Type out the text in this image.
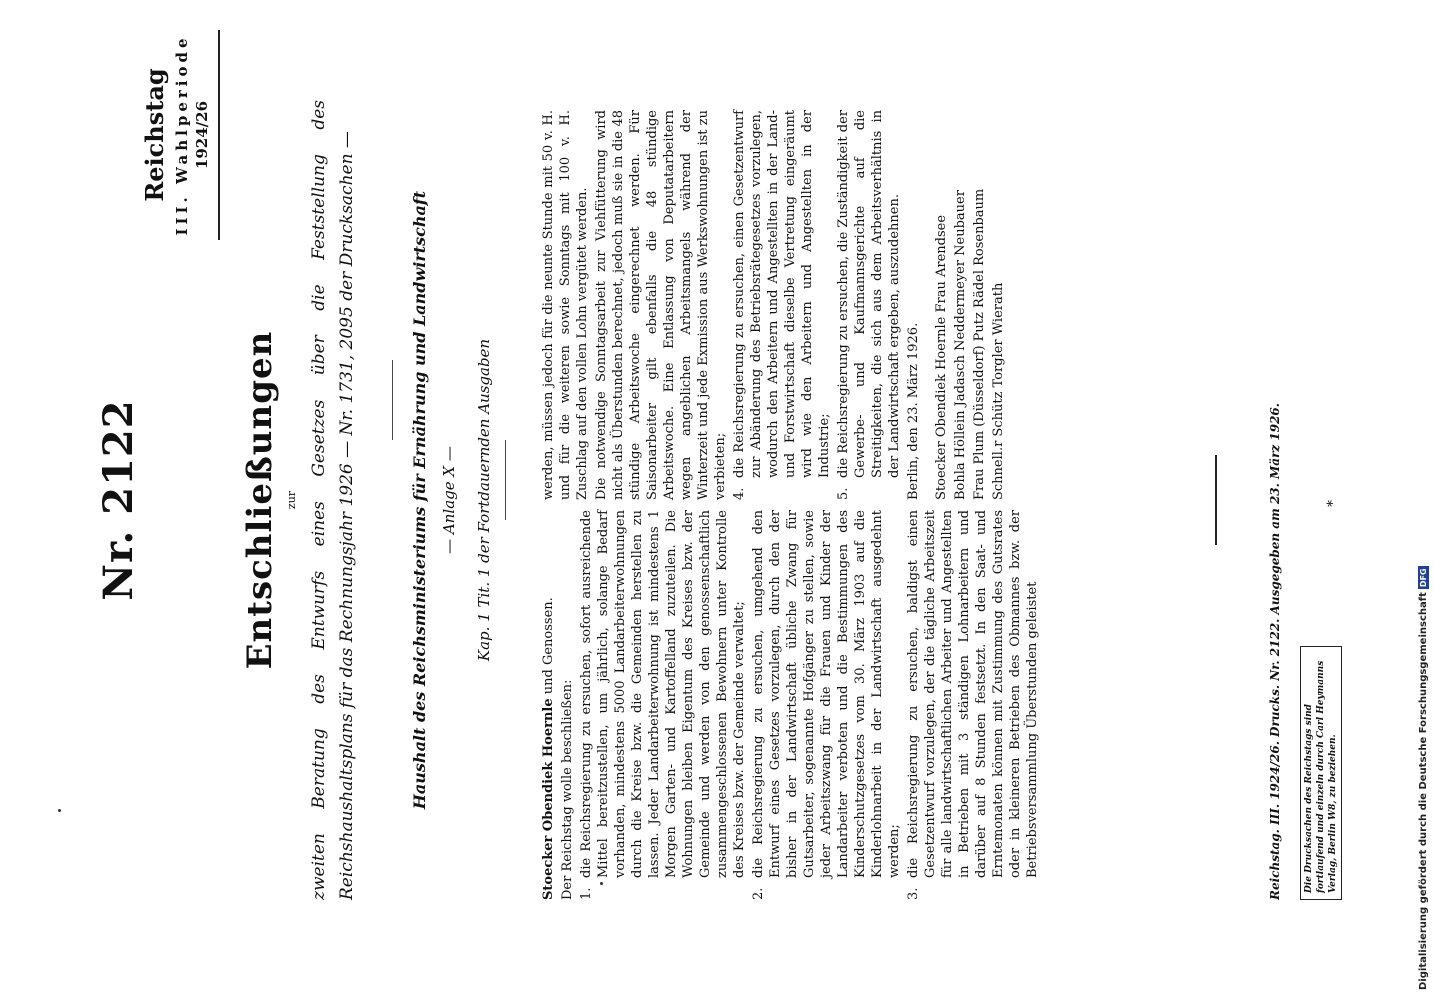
Nr. 2122
Reichstag III. Wahlperiode 1924/26
Entschließungen zur zweiten Beratung des Entwurfs eines Gesetzes über die Feststellung des Reichshaushaltsplans für das Rechnungsjahr 1926 — Nr. 1731, 2095 der Drucksachen —	Haushalt des Reichsministeriums für Ernährung und Landwirtschaft — Anlage X — Kap. 1 Tit. 1 der Fortdauernden Ausgaben

Stoecker Obendiek Hoernle und Genossen.

Der Reichstag wolle beschließen: 1.
die Reichsregierung zu ersuchen, sofort ausreichende Mittel bereitzustellen, um jährlich, solange Bedarf vorhanden, mindestens 5000 Landarbeiterwohnungen durch die Kreise bzw. die Gemeinden herstellen zu lassen. Jeder Landarbeiterwohnung ist mindestens 1 Morgen Garten- und Kartoffelland zuzuteilen. Die Wohnungen bleiben Eigentum des Kreises bzw. der Gemeinde und werden von den genossenschaftlich zusammengeschlossenen Bewohnern unter Kontrolle des Kreises bzw. der Gemeinde verwaltet;
2.
die Reichsregierung zu ersuchen, umgehend den Entwurf eines Gesetzes vorzulegen, durch den der bisher in der Landwirtschaft übliche Zwang für Gutsarbeiter, sogenannte Hofgänger zu stellen, sowie jeder Arbeitszwang für die Frauen und Kinder der Landarbeiter verboten und die Bestimmungen des Kinderschutzgesetzes vom 30. März 1903 auf die Kinderlohnarbeit in der Landwirtschaft ausgedehnt werden;
3.
die Reichsregierung zu ersuchen, baldigst einen Gesetzentwurf vorzulegen, der die tägliche Arbeitszeit für alle landwirtschaftlichen Arbeiter und Angestellten in Betrieben mit 3 ständigen Lohnarbeitern und darüber auf 8 Stunden festsetzt. In den Saat- und Erntemonaten können mit Zustimmung des Gutsrates oder in kleineren Betrieben des Obmannes bzw. der Betriebsversammlung Überstunden geleistet

werden, müssen jedoch für die neunte Stunde mit 50 v. H. und für die weiteren sowie Sonntags mit 100 v. H. Zuschlag auf den vollen Lohn vergütet werden. Die notwendige Sonntagsarbeit zur Viehfütterung wird nicht als Überstunden berechnet, jedoch muß sie in die 48 stündige Arbeitswoche eingerechnet werden. Für Saisonarbeiter gilt ebenfalls die 48 stündige Arbeitswoche. Eine Entlassung von Deputatarbeitern wegen angeblichen Arbeitsmangels während der Winterzeit und jede Exmission aus Werkswohnungen ist zu verbieten; 4.
die Reichsregierung zu ersuchen, einen Gesetzentwurf zur Abänderung des Betriebsrätegesetzes vorzulegen, wodurch den Arbeitern und Angestellten in der Land- und Forstwirtschaft dieselbe Vertretung eingeräumt wird wie den Arbeitern und Angestellten in der Industrie;
5.
die Reichsregierung zu ersuchen, die Zuständigkeit der Gewerbe- und Kaufmannsgerichte auf die Streitigkeiten, die sich aus dem Arbeitsverhältnis in der Landwirtschaft ergeben, auszudehnen. Berlin, den 23. März 1926. Stoecker Obendiek Hoernle Frau Arendsee Bohla Höllein Jadasch Neddermeyer Neubauer Frau Plum (Düsseldorf) Putz Rädel Rosenbaum Schnell.r Schütz Torgler Wierath
Reichstag. III. 1924/26. Drucks. Nr. 2122. Ausgegeben am 23. März 1926.	Die Drucksachen des Reichstags sind fortlaufend und einzeln durch Carl Heymanns Verlag, Berlin W8, zu beziehen.
*
Digitalisierung gefördert durch die Deutsche Forschungsgemeinschaft
DFG
